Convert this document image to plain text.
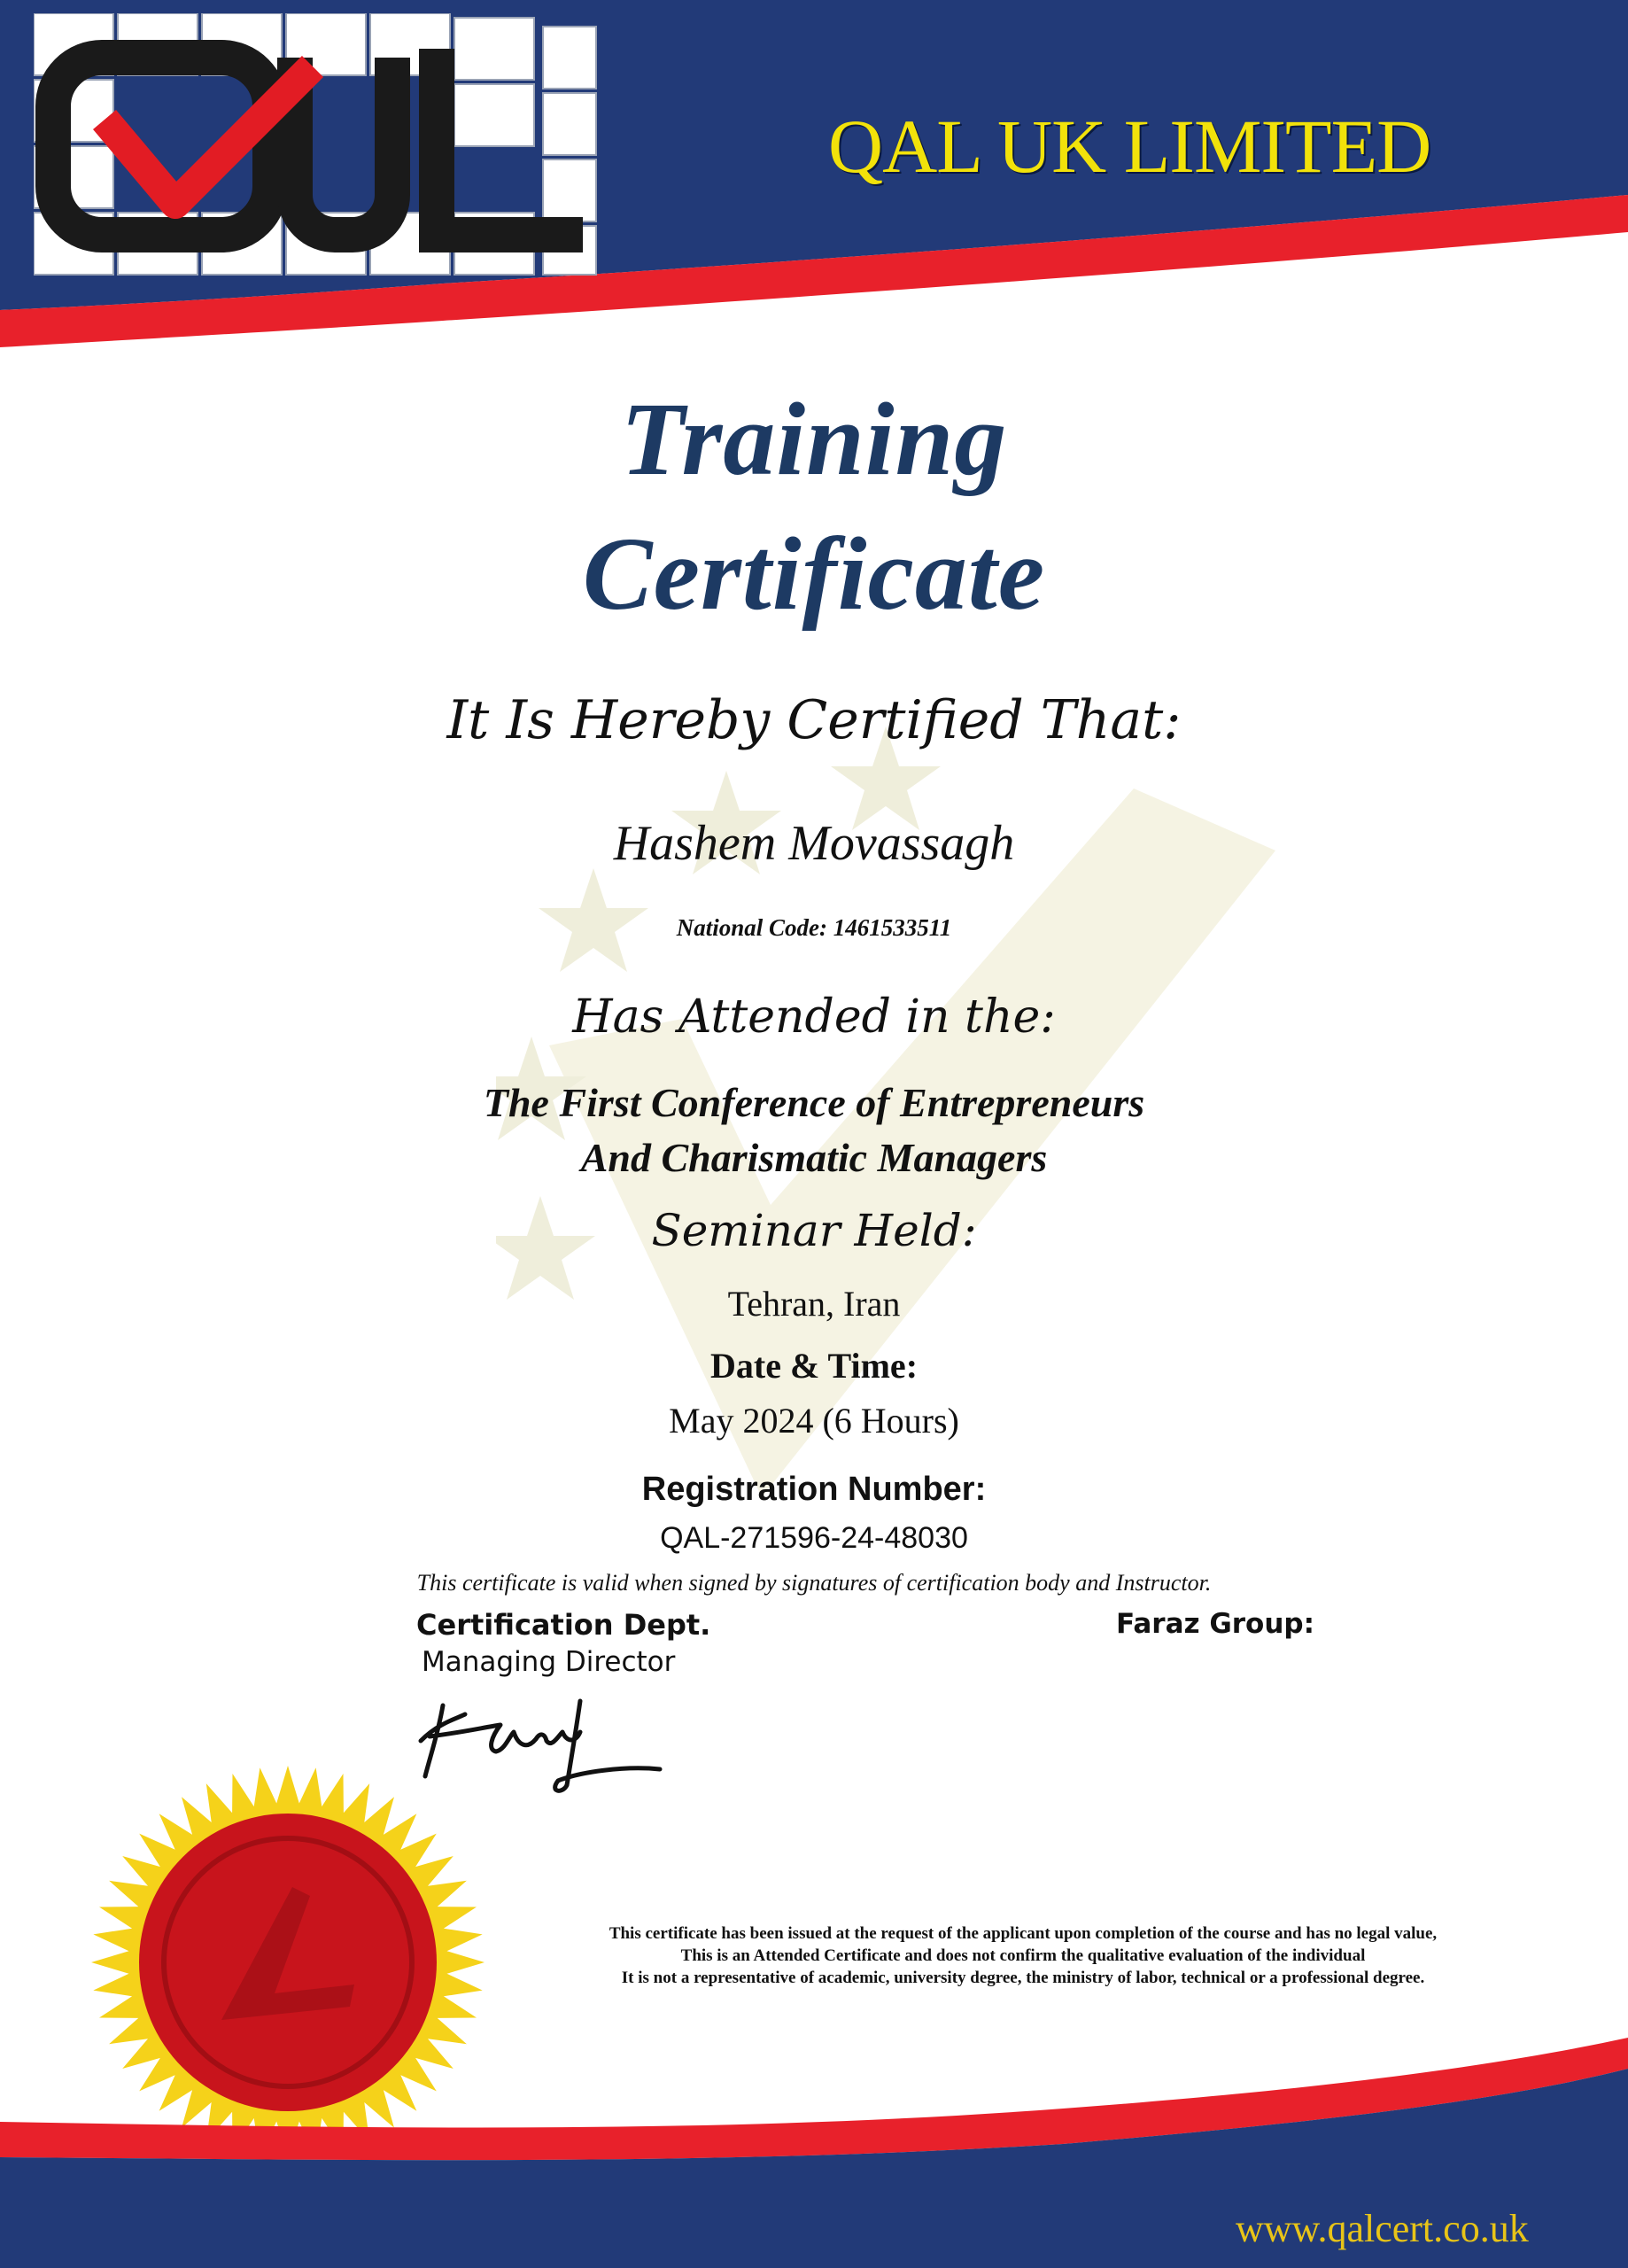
QAL UK LIMITED
Training
Certificate
It Is Hereby Certified That:
Hashem Movassagh
National Code: 1461533511
Has Attended in the:
The First Conference of Entrepreneurs
And Charismatic Managers
Seminar Held:
Tehran, Iran
Date & Time:
May 2024 (6 Hours)
Registration Number:
QAL-271596-24-48030
This certificate is valid when signed by signatures of certification body and Instructor.
Certification Dept.
Managing Director
Faraz Group:
This certificate has been issued at the request of the applicant upon completion of the course and has no legal value,
This is an Attended Certificate and does not confirm the qualitative evaluation of the individual
It is not a representative of academic, university degree, the ministry of labor, technical or a professional degree.
www.qalcert.co.uk
